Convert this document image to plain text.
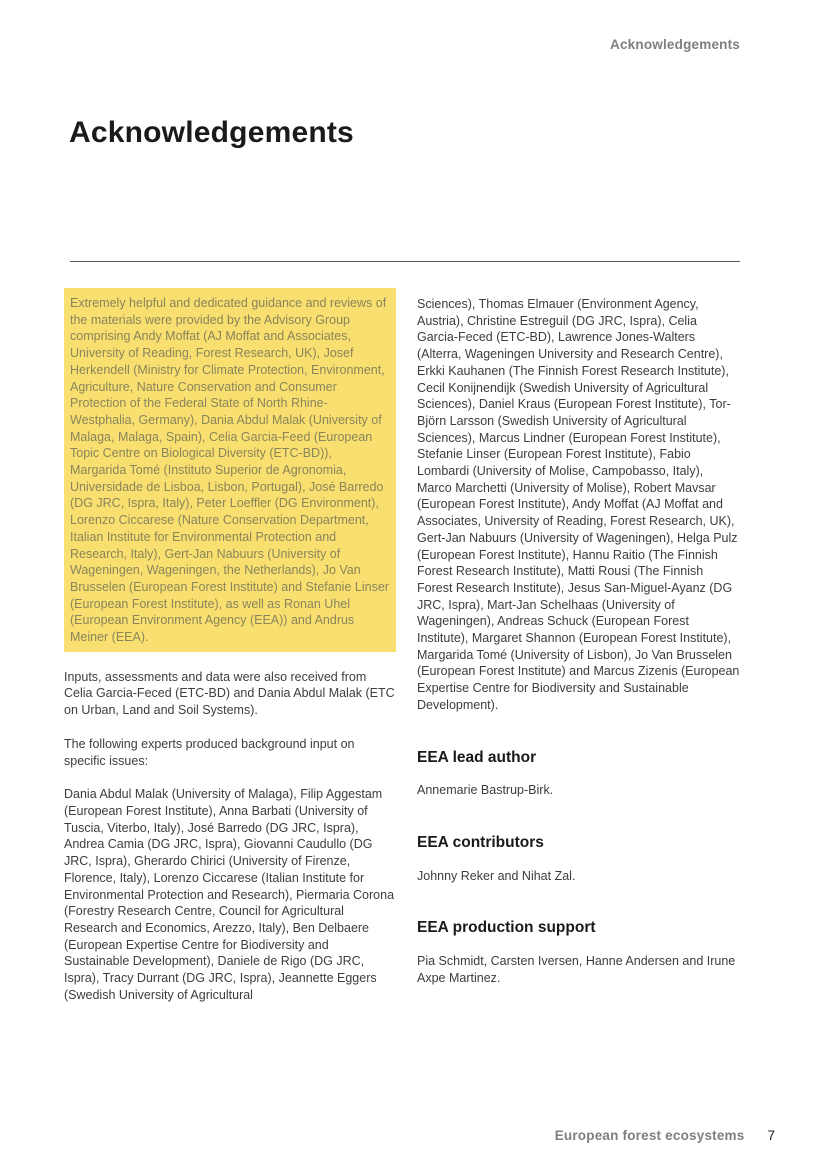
Acknowledgements
Acknowledgements
Extremely helpful and dedicated guidance and reviews of the materials were provided by the Advisory Group comprising Andy Moffat (AJ Moffat and Associates, University of Reading, Forest Research, UK), Josef Herkendell (Ministry for Climate Protection, Environment, Agriculture, Nature Conservation and Consumer Protection of the Federal State of North Rhine-Westphalia, Germany), Dania Abdul Malak (University of Malaga, Malaga, Spain), Celia Garcia-Feed (European Topic Centre on Biological Diversity (ETC-BD)), Margarida Tomé (Instituto Superior de Agronomia, Universidade de Lisboa, Lisbon, Portugal), José Barredo (DG JRC, Ispra, Italy), Peter Loeffler (DG Environment), Lorenzo Ciccarese (Nature Conservation Department, Italian Institute for Environmental Protection and Research, Italy), Gert-Jan Nabuurs (University of Wageningen, Wageningen, the Netherlands), Jo Van Brusselen (European Forest Institute) and Stefanie Linser (European Forest Institute), as well as Ronan Uhel (European Environment Agency (EEA)) and Andrus Meiner (EEA).

Inputs, assessments and data were also received from Celia Garcia-Feced (ETC-BD) and Dania Abdul Malak (ETC on Urban, Land and Soil Systems).

The following experts produced background input on specific issues:

Dania Abdul Malak (University of Malaga), Filip Aggestam (European Forest Institute), Anna Barbati (University of Tuscia, Viterbo, Italy), José Barredo (DG JRC, Ispra), Andrea Camia (DG JRC, Ispra), Giovanni Caudullo (DG JRC, Ispra), Gherardo Chirici (University of Firenze, Florence, Italy), Lorenzo Ciccarese (Italian Institute for Environmental Protection and Research), Piermaria Corona (Forestry Research Centre, Council for Agricultural Research and Economics, Arezzo, Italy), Ben Delbaere (European Expertise Centre for Biodiversity and Sustainable Development), Daniele de Rigo (DG JRC, Ispra), Tracy Durrant (DG JRC, Ispra), Jeannette Eggers (Swedish University of Agricultural

Sciences), Thomas Elmauer (Environment Agency, Austria), Christine Estreguil (DG JRC, Ispra), Celia Garcia-Feced (ETC-BD), Lawrence Jones-Walters (Alterra, Wageningen University and Research Centre), Erkki Kauhanen (The Finnish Forest Research Institute), Cecil Konijnendijk (Swedish University of Agricultural Sciences), Daniel Kraus (European Forest Institute), Tor-Björn Larsson (Swedish University of Agricultural Sciences), Marcus Lindner (European Forest Institute), Stefanie Linser (European Forest Institute), Fabio Lombardi (University of Molise, Campobasso, Italy), Marco Marchetti (University of Molise), Robert Mavsar (European Forest Institute), Andy Moffat (AJ Moffat and Associates, University of Reading, Forest Research, UK), Gert-Jan Nabuurs (University of Wageningen), Helga Pulz (European Forest Institute), Hannu Raitio (The Finnish Forest Research Institute), Matti Rousi (The Finnish Forest Research Institute), Jesus San-Miguel-Ayanz (DG JRC, Ispra), Mart-Jan Schelhaas (University of Wageningen), Andreas Schuck (European Forest Institute), Margaret Shannon (European Forest Institute), Margarida Tomé (University of Lisbon), Jo Van Brusselen (European Forest Institute) and Marcus Zizenis (European Expertise Centre for Biodiversity and Sustainable Development).

EEA lead author

Annemarie Bastrup-Birk.

EEA contributors

Johnny Reker and Nihat Zal.

EEA production support

Pia Schmidt, Carsten Iversen, Hanne Andersen and Irune Axpe Martinez.

European forest ecosystems 7
